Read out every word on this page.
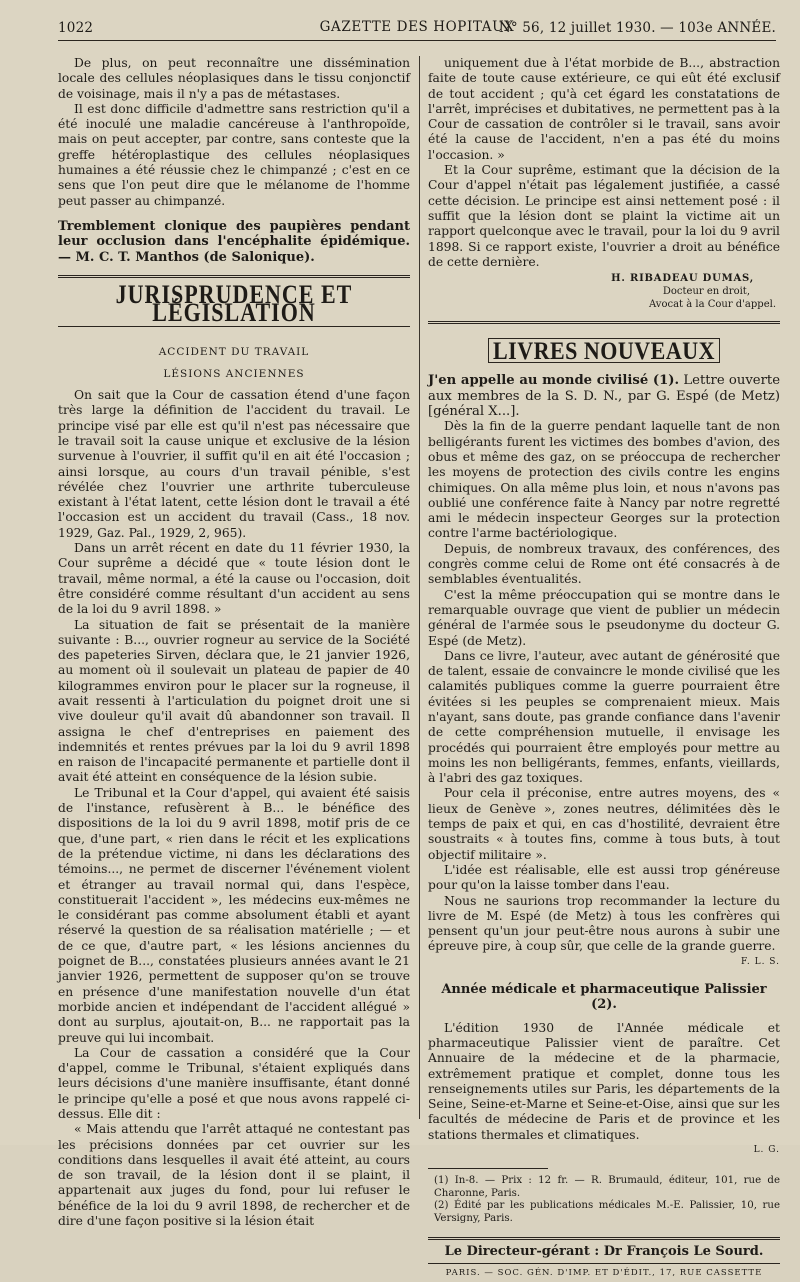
1022	GAZETTE DES HOPITAUX
N° 56, 12 juillet 1930. — 103e ANNÉE.

De plus, on peut reconnaître une dissémination locale des cellules néoplasiques dans le tissu conjonctif de voisinage, mais il n'y a pas de métastases.

Il est donc difficile d'admettre sans restriction qu'il a été inoculé une maladie cancéreuse à l'anthropoïde, mais on peut accepter, par contre, sans conteste que la greffe hétéroplastique des cellules néoplasiques humaines a été réussie chez le chimpanzé ; c'est en ce sens que l'on peut dire que le mélanome de l'homme peut passer au chimpanzé.

Tremblement clonique des paupières pendant leur occlusion dans l'encéphalite épidémique. — M. C. T. Manthos (de Salonique).

JURISPRUDENCE ET LÉGISLATION
ACCIDENT DU TRAVAIL
LÉSIONS ANCIENNES

On sait que la Cour de cassation étend d'une façon très large la définition de l'accident du travail. Le principe visé par elle est qu'il n'est pas nécessaire que le travail soit la cause unique et exclusive de la lésion survenue à l'ouvrier, il suffit qu'il en ait été l'occasion ; ainsi lorsque, au cours d'un travail pénible, s'est révélée chez l'ouvrier une arthrite tuberculeuse existant à l'état latent, cette lésion dont le travail a été l'occasion est un accident du travail (Cass., 18 nov. 1929, Gaz. Pal., 1929, 2, 965).

Dans un arrêt récent en date du 11 février 1930, la Cour suprême a décidé que « toute lésion dont le travail, même normal, a été la cause ou l'occasion, doit être considéré comme résultant d'un accident au sens de la loi du 9 avril 1898. »

La situation de fait se présentait de la manière suivante : B..., ouvrier rogneur au service de la Société des papeteries Sirven, déclara que, le 21 janvier 1926, au moment où il soulevait un plateau de papier de 40 kilogrammes environ pour le placer sur la rogneuse, il avait ressenti à l'articulation du poignet droit une si vive douleur qu'il avait dû abandonner son travail. Il assigna le chef d'entreprises en paiement des indemnités et rentes prévues par la loi du 9 avril 1898 en raison de l'incapacité permanente et partielle dont il avait été atteint en conséquence de la lésion subie.

Le Tribunal et la Cour d'appel, qui avaient été saisis de l'instance, refusèrent à B... le bénéfice des dispositions de la loi du 9 avril 1898, motif pris de ce que, d'une part, « rien dans le récit et les explications de la prétendue victime, ni dans les déclarations des témoins..., ne permet de discerner l'événement violent et étranger au travail normal qui, dans l'espèce, constituerait l'accident », les médecins eux-mêmes ne le considérant pas comme absolument établi et ayant réservé la question de sa réalisation matérielle ; — et de ce que, d'autre part, « les lésions anciennes du poignet de B..., constatées plusieurs années avant le 21 janvier 1926, permettent de supposer qu'on se trouve en présence d'une manifestation nouvelle d'un état morbide ancien et indépendant de l'accident allégué » dont au surplus, ajoutait-on, B... ne rapportait pas la preuve qui lui incombait.

La Cour de cassation a considéré que la Cour d'appel, comme le Tribunal, s'étaient expliqués dans leurs décisions d'une manière insuffisante, étant donné le principe qu'elle a posé et que nous avons rappelé ci-dessus. Elle dit :

« Mais attendu que l'arrêt attaqué ne contestant pas les précisions données par cet ouvrier sur les conditions dans lesquelles il avait été atteint, au cours de son travail, de la lésion dont il se plaint, il appartenait aux juges du fond, pour lui refuser le bénéfice de la loi du 9 avril 1898, de rechercher et de dire d'une façon positive si la lésion était

uniquement due à l'état morbide de B..., abstraction faite de toute cause extérieure, ce qui eût été exclusif de tout accident ; qu'à cet égard les constatations de l'arrêt, imprécises et dubitatives, ne permettent pas à la Cour de cassation de contrôler si le travail, sans avoir été la cause de l'accident, n'en a pas été du moins l'occasion. »

Et la Cour suprême, estimant que la décision de la Cour d'appel n'était pas légalement justifiée, a cassé cette décision. Le principe est ainsi nettement posé : il suffit que la lésion dont se plaint la victime ait un rapport quelconque avec le travail, pour la loi du 9 avril 1898. Si ce rapport existe, l'ouvrier a droit au bénéfice de cette dernière.

H. RIBADEAU DUMAS,
Docteur en droit,
Avocat à la Cour d'appel.
LIVRES NOUVEAUX

J'en appelle au monde civilisé (1). Lettre ouverte aux membres de la S. D. N., par G. Espé (de Metz) [général X...].

Dès la fin de la guerre pendant laquelle tant de non belligérants furent les victimes des bombes d'avion, des obus et même des gaz, on se préoccupa de rechercher les moyens de protection des civils contre les engins chimiques. On alla même plus loin, et nous n'avons pas oublié une conférence faite à Nancy par notre regretté ami le médecin inspecteur Georges sur la protection contre l'arme bactériologique.

Depuis, de nombreux travaux, des conférences, des congrès comme celui de Rome ont été consacrés à de semblables éventualités.

C'est la même préoccupation qui se montre dans le remarquable ouvrage que vient de publier un médecin général de l'armée sous le pseudonyme du docteur G. Espé (de Metz).

Dans ce livre, l'auteur, avec autant de générosité que de talent, essaie de convaincre le monde civilisé que les calamités publiques comme la guerre pourraient être évitées si les peuples se comprenaient mieux. Mais n'ayant, sans doute, pas grande confiance dans l'avenir de cette compréhension mutuelle, il envisage les procédés qui pourraient être employés pour mettre au moins les non belligérants, femmes, enfants, vieillards, à l'abri des gaz toxiques.

Pour cela il préconise, entre autres moyens, des « lieux de Genève », zones neutres, délimitées dès le temps de paix et qui, en cas d'hostilité, devraient être soustraits « à toutes fins, comme à tous buts, à tout objectif militaire ».

L'idée est réalisable, elle est aussi trop généreuse pour qu'on la laisse tomber dans l'eau.

Nous ne saurions trop recommander la lecture du livre de M. Espé (de Metz) à tous les confrères qui pensent qu'un jour peut-être nous aurons à subir une épreuve pire, à coup sûr, que celle de la grande guerre.

F. L. S.

Année médicale et pharmaceutique Palissier (2).

L'édition 1930 de l'Année médicale et pharmaceutique Palissier vient de paraître. Cet Annuaire de la médecine et de la pharmacie, extrêmement pratique et complet, donne tous les renseignements utiles sur Paris, les départements de la Seine, Seine-et-Marne et Seine-et-Oise, ainsi que sur les facultés de médecine de Paris et de province et les stations thermales et climatiques.

L. G.

(1) In-8. — Prix : 12 fr. — R. Brumauld, éditeur, 101, rue de Charonne, Paris.

(2) Édité par les publications médicales M.-E. Palissier, 10, rue Versigny, Paris.

Le Directeur-gérant : Dr François Le Sourd.
PARIS. — SOC. GÉN. D'IMP. ET D'ÉDIT., 17, RUE CASSETTE
